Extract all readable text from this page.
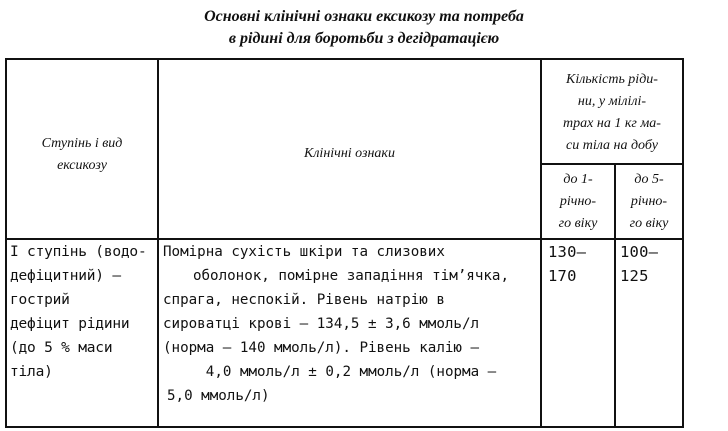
Основні клінічні ознаки ексикозу та потреба
в рідині для боротьби з дегідратацією
Ступінь і вид
ексикозу
Клінічні ознаки
Кількість ріди-
ни, у мілілі-
трах на 1 кг ма-
си тіла на добу
до 1-
річно-
го віку
до 5-
річно-
го віку
І ступінь (водо-
дефіцитний) —
гострий
дефіцит рідини
(до 5 % маси
тіла)
Помірна сухість шкіри та слизових
оболонок, помірне западіння тім’ячка,
спрага, неспокій. Рівень натрію в
сироватці крові — 134,5 ± 3,6 ммоль/л
(норма — 140 ммоль/л). Рівень калію —
4,0 ммоль/л ± 0,2 ммоль/л (норма —
5,0 ммоль/л)
130–
170
100–
125
